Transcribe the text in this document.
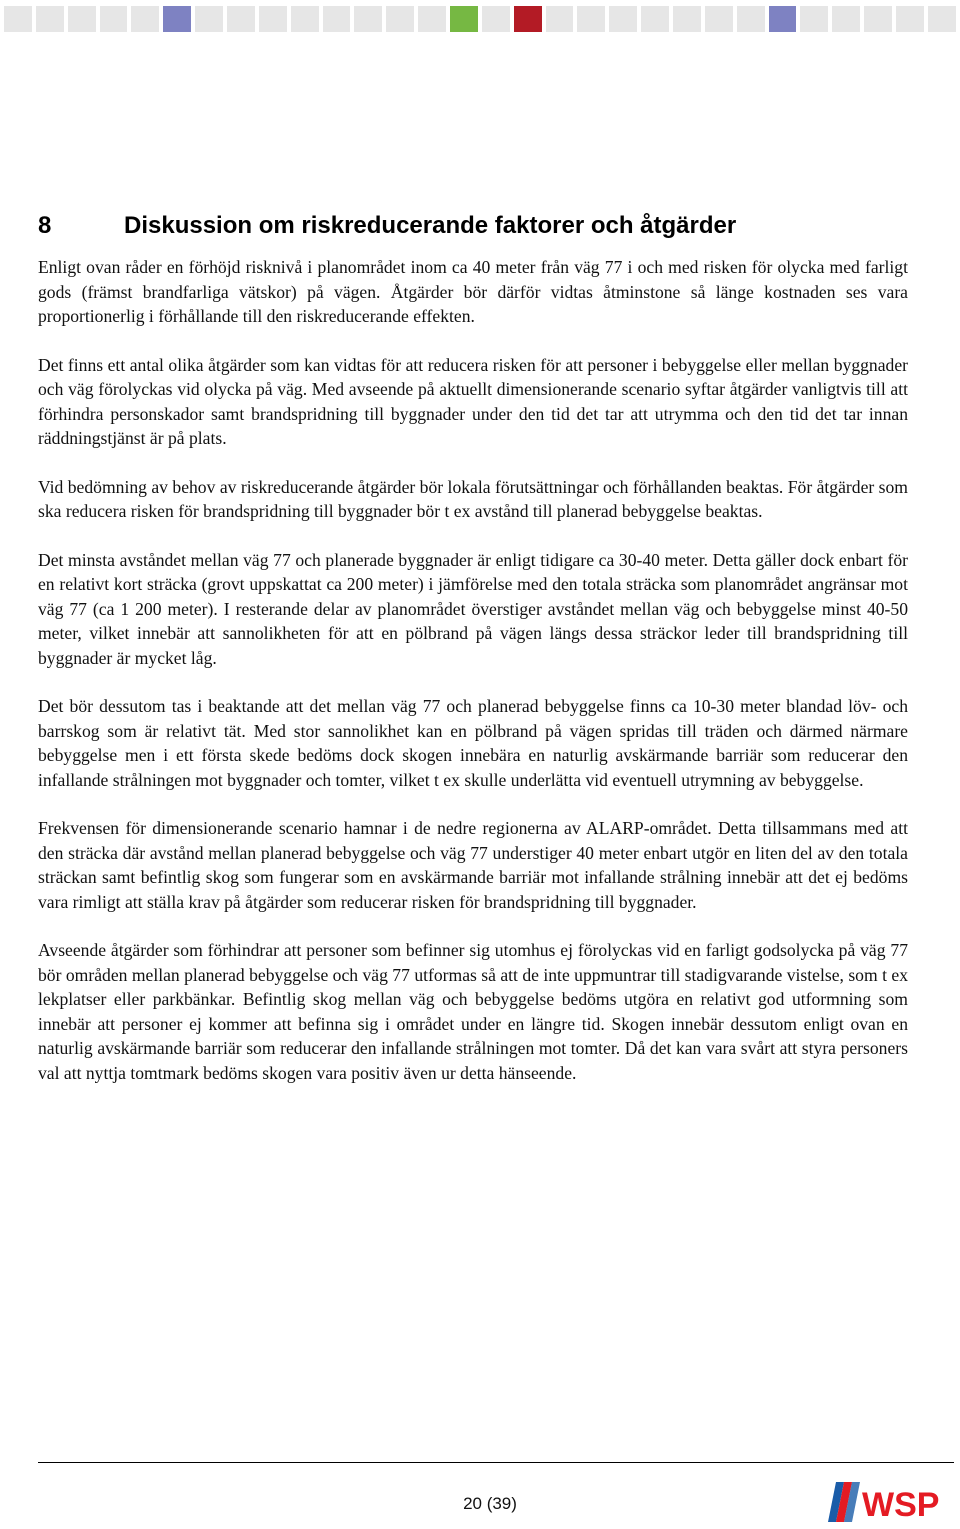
8	Diskussion om riskreducerande faktorer och åtgärder

Enligt ovan råder en förhöjd risknivå i planområdet inom ca 40 meter från väg 77 i och med risken för olycka med farligt gods (främst brandfarliga vätskor) på vägen. Åtgärder bör därför vidtas åtminstone så länge kostnaden ses vara proportionerlig i förhållande till den riskreducerande effekten.

Det finns ett antal olika åtgärder som kan vidtas för att reducera risken för att personer i bebyggelse eller mellan byggnader och väg förolyckas vid olycka på väg. Med avseende på aktuellt dimensionerande scenario syftar åtgärder vanligtvis till att förhindra personskador samt brandspridning till byggnader under den tid det tar att utrymma och den tid det tar innan räddningstjänst är på plats.

Vid bedömning av behov av riskreducerande åtgärder bör lokala förutsättningar och förhållanden beaktas. För åtgärder som ska reducera risken för brandspridning till byggnader bör t ex avstånd till planerad bebyggelse beaktas.

Det minsta avståndet mellan väg 77 och planerade byggnader är enligt tidigare ca 30-40 meter. Detta gäller dock enbart för en relativt kort sträcka (grovt uppskattat ca 200 meter) i jämförelse med den totala sträcka som planområdet angränsar mot väg 77 (ca 1 200 meter). I resterande delar av planområdet överstiger avståndet mellan väg och bebyggelse minst 40-50 meter, vilket innebär att sannolikheten för att en pölbrand på vägen längs dessa sträckor leder till brandspridning till byggnader är mycket låg.

Det bör dessutom tas i beaktande att det mellan väg 77 och planerad bebyggelse finns ca 10-30 meter blandad löv- och barrskog som är relativt tät. Med stor sannolikhet kan en pölbrand på vägen spridas till träden och därmed närmare bebyggelse men i ett första skede bedöms dock skogen innebära en naturlig avskärmande barriär som reducerar den infallande strålningen mot byggnader och tomter, vilket t ex skulle underlätta vid eventuell utrymning av bebyggelse.

Frekvensen för dimensionerande scenario hamnar i de nedre regionerna av ALARP-området. Detta tillsammans med att den sträcka där avstånd mellan planerad bebyggelse och väg 77 understiger 40 meter enbart utgör en liten del av den totala sträckan samt befintlig skog som fungerar som en avskärmande barriär mot infallande strålning innebär att det ej bedöms vara rimligt att ställa krav på åtgärder som reducerar risken för brandspridning till byggnader.

Avseende åtgärder som förhindrar att personer som befinner sig utomhus ej förolyckas vid en farligt godsolycka på väg 77 bör områden mellan planerad bebyggelse och väg 77 utformas så att de inte uppmuntrar till stadigvarande vistelse, som t ex lekplatser eller parkbänkar. Befintlig skog mellan väg och bebyggelse bedöms utgöra en relativt god utformning som innebär att personer ej kommer att befinna sig i området under en längre tid. Skogen innebär dessutom enligt ovan en naturlig avskärmande barriär som reducerar den infallande strålningen mot tomter. Då det kan vara svårt att styra personers val att nyttja tomtmark bedöms skogen vara positiv även ur detta hänseende.

20 (39)	WSP
